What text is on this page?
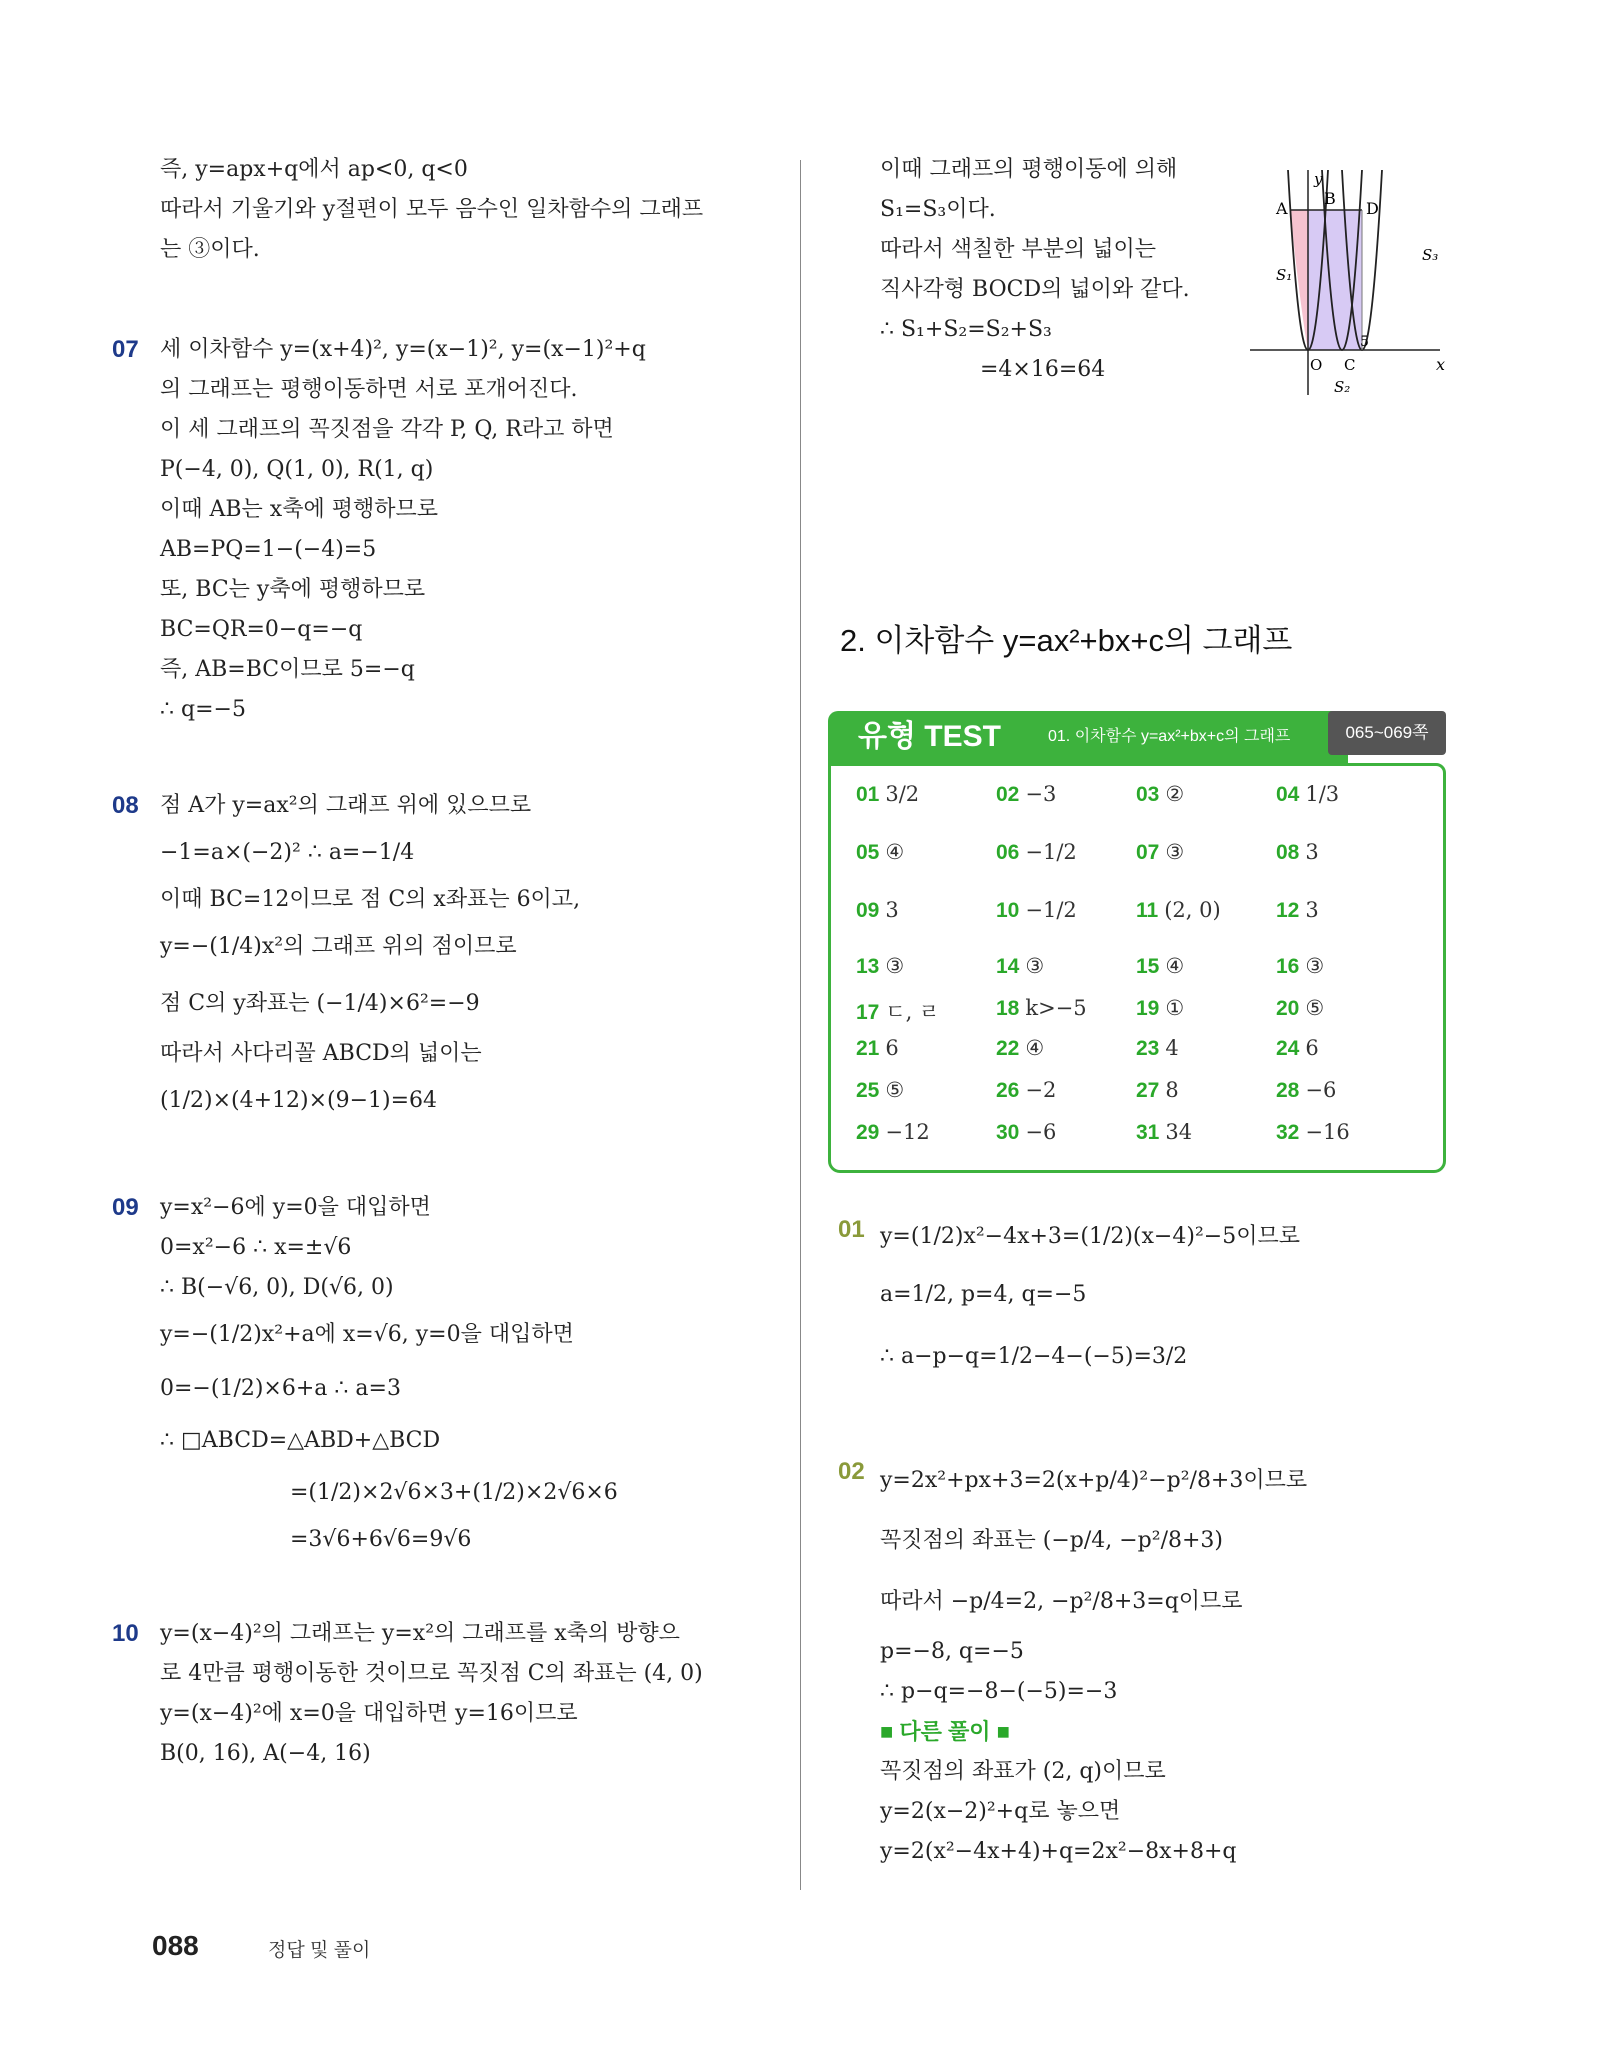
즉, y=apx+q에서 ap<0, q<0
따라서 기울기와 y절편이 모두 음수인 일차함수의 그래프
는 ③이다.
07 세 이차함수 y=(x+4)², y=(x−1)², y=(x−1)²+q
의 그래프는 평행이동하면 서로 포개어진다.
이 세 그래프의 꼭짓점을 각각 P, Q, R라고 하면
P(−4, 0), Q(1, 0), R(1, q)
이때 AB는 x축에 평행하므로
AB=PQ=1−(−4)=5
또, BC는 y축에 평행하므로
BC=QR=0−q=−q
즉, AB=BC이므로 5=−q
∴ q=−5
08 점 A가 y=ax²의 그래프 위에 있으므로
−1=a×(−2)² ∴ a=−1/4
이때 BC=12이므로 점 C의 x좌표는 6이고,
y=−(1/4)x²의 그래프 위의 점이므로
점 C의 y좌표는 (−1/4)×6²=−9
따라서 사다리꼴 ABCD의 넓이는
(1/2)×(4+12)×(9−1)=64
09 y=x²−6에 y=0을 대입하면
0=x²−6 ∴ x=±√6
∴ B(−√6, 0), D(√6, 0)
y=−(1/2)x²+a에 x=√6, y=0을 대입하면
0=−(1/2)×6+a ∴ a=3
∴ □ABCD=△ABD+△BCD
=(1/2)×2√6×3+(1/2)×2√6×6
=3√6+6√6=9√6
10 y=(x−4)²의 그래프는 y=x²의 그래프를 x축의 방향으
로 4만큼 평행이동한 것이므로 꼭짓점 C의 좌표는 (4, 0)
y=(x−4)²에 x=0을 대입하면 y=16이므로
B(0, 16), A(−4, 16)
이때 그래프의 평행이동에 의해
S₁=S₃이다.
따라서 색칠한 부분의 넓이는
직사각형 BOCD의 넓이와 같다.
∴ S₁+S₂=S₂+S₃
=4×16=64
A
B
D
S₁
S₃
S₂
O C
5
x
y
2. 이차함수 y=ax²+bx+c의 그래프
유형 TEST	01. 이차함수 y=ax²+bx+c의 그래프	065~069쪽
01 3/2	02 −3	03 ②	04 1/3
05 ④	06 −1/2	07 ③	08 3
09 3	10 −1/2	11 (2, 0)	12 3
13 ③	14 ③	15 ④	16 ③
17 ㄷ, ㄹ	18 k>−5 19 ①	20 ⑤
21 6	22 ④	23 4	24 6
25 ⑤	26 −2	27 8	28 −6
29 −12	30 −6	31 34	32 −16
01 y=(1/2)x²−4x+3=(1/2)(x−4)²−5이므로
a=1/2, p=4, q=−5
∴ a−p−q=1/2−4−(−5)=3/2
02 y=2x²+px+3=2(x+p/4)²−p²/8+3이므로
꼭짓점의 좌표는 (−p/4, −p²/8+3)
따라서 −p/4=2, −p²/8+3=q이므로
p=−8, q=−5
∴ p−q=−8−(−5)=−3
■ 다른 풀이 ■
꼭짓점의 좌표가 (2, q)이므로
y=2(x−2)²+q로 놓으면
y=2(x²−4x+4)+q=2x²−8x+8+q
088	정답 및 풀이
